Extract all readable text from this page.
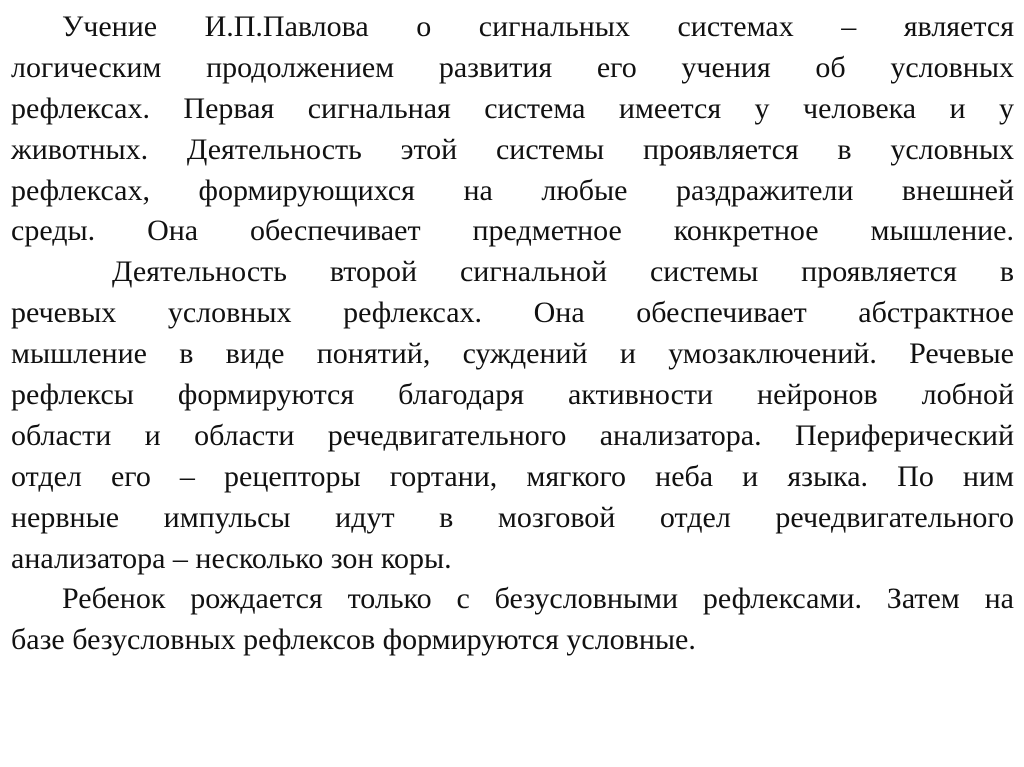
Учение И.П.Павлова о сигнальных системах – является
логическим продолжением развития его учения об условных
рефлексах. Первая сигнальная система имеется у человека и у
животных. Деятельность этой системы проявляется в условных
рефлексах, формирующихся на любые раздражители внешней
среды. Она обеспечивает предметное конкретное мышление.
Деятельность второй сигнальной системы проявляется в
речевых условных рефлексах. Она обеспечивает абстрактное
мышление в виде понятий, суждений и умозаключений. Речевые
рефлексы формируются благодаря активности нейронов лобной
области и области речедвигательного анализатора. Периферический
отдел его – рецепторы гортани, мягкого неба и языка. По ним
нервные импульсы идут в мозговой отдел речедвигательного
анализатора – несколько зон коры.
Ребенок рождается только с безусловными рефлексами. Затем на
базе безусловных рефлексов формируются условные.
